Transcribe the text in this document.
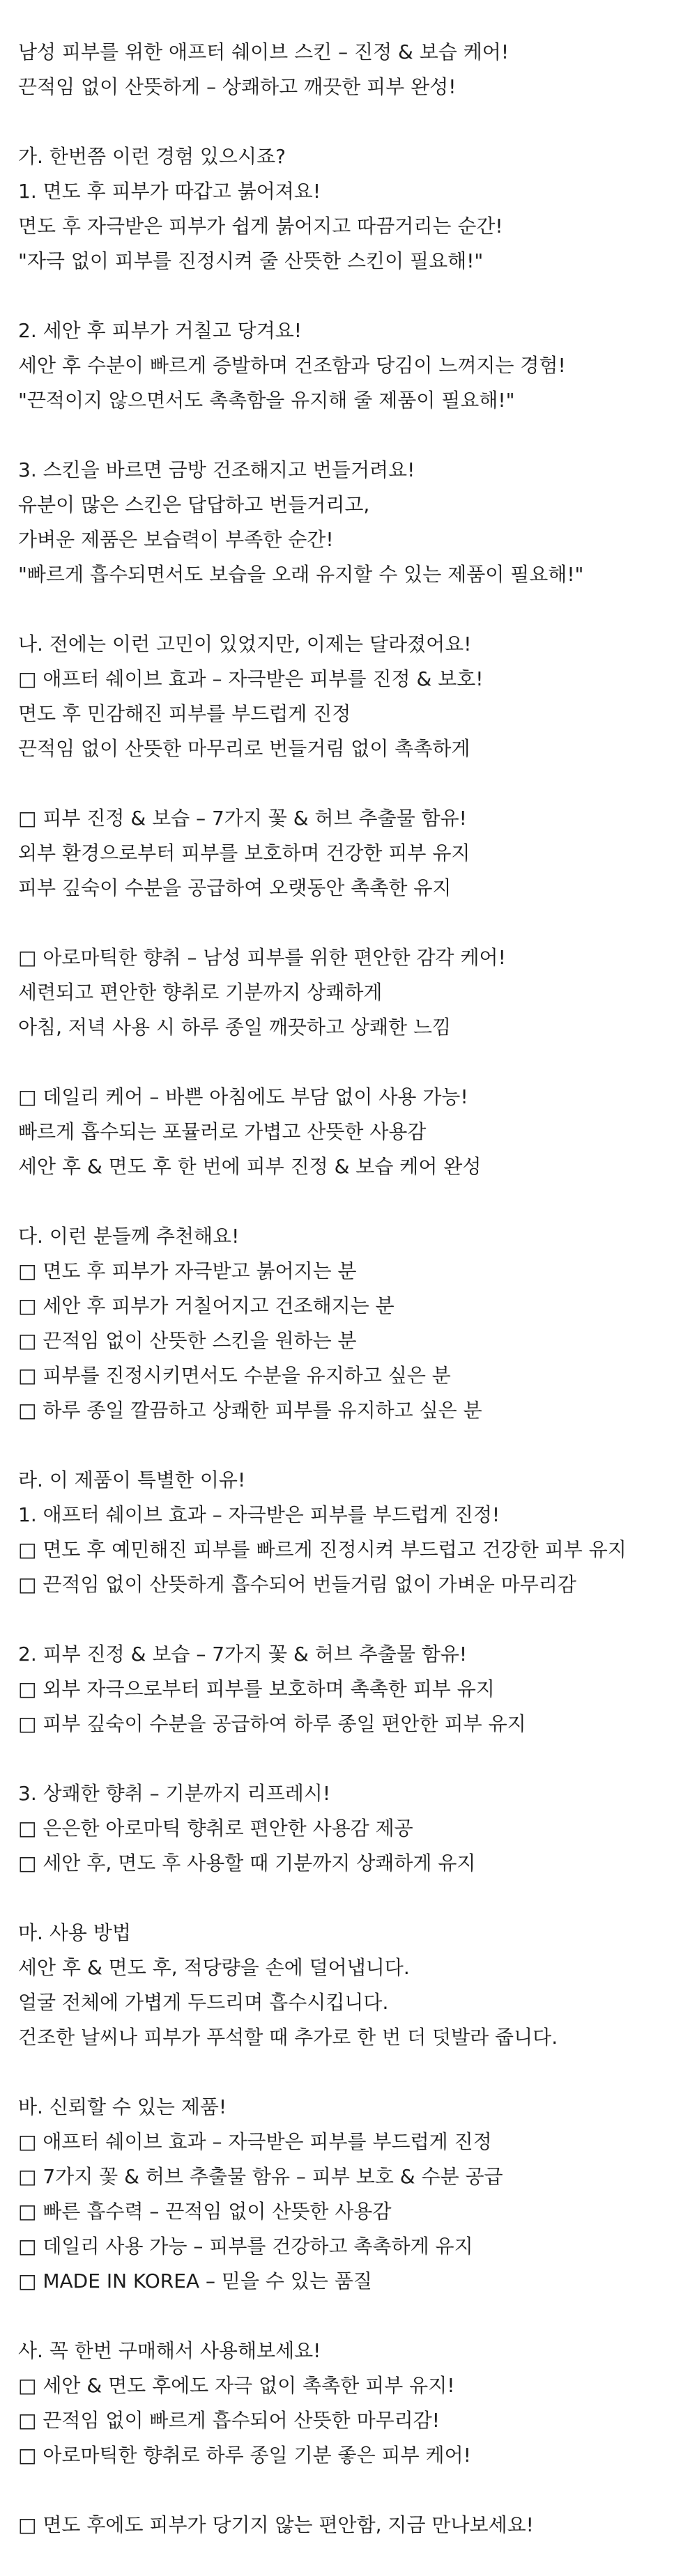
남성 피부를 위한 애프터 쉐이브 스킨 – 진정 & 보습 케어!
끈적임 없이 산뜻하게 – 상쾌하고 깨끗한 피부 완성!
가. 한번쯤 이런 경험 있으시죠?
1. 면도 후 피부가 따갑고 붉어져요!
면도 후 자극받은 피부가 쉽게 붉어지고 따끔거리는 순간!
"자극 없이 피부를 진정시켜 줄 산뜻한 스킨이 필요해!"
2. 세안 후 피부가 거칠고 당겨요!
세안 후 수분이 빠르게 증발하며 건조함과 당김이 느껴지는 경험!
"끈적이지 않으면서도 촉촉함을 유지해 줄 제품이 필요해!"
3. 스킨을 바르면 금방 건조해지고 번들거려요!
유분이 많은 스킨은 답답하고 번들거리고,
가벼운 제품은 보습력이 부족한 순간!
"빠르게 흡수되면서도 보습을 오래 유지할 수 있는 제품이 필요해!"
나. 전에는 이런 고민이 있었지만, 이제는 달라졌어요!
□ 애프터 쉐이브 효과 – 자극받은 피부를 진정 & 보호!
면도 후 민감해진 피부를 부드럽게 진정
끈적임 없이 산뜻한 마무리로 번들거림 없이 촉촉하게
□ 피부 진정 & 보습 – 7가지 꽃 & 허브 추출물 함유!
외부 환경으로부터 피부를 보호하며 건강한 피부 유지
피부 깊숙이 수분을 공급하여 오랫동안 촉촉한 유지
□ 아로마틱한 향취 – 남성 피부를 위한 편안한 감각 케어!
세련되고 편안한 향취로 기분까지 상쾌하게
아침, 저녁 사용 시 하루 종일 깨끗하고 상쾌한 느낌
□ 데일리 케어 – 바쁜 아침에도 부담 없이 사용 가능!
빠르게 흡수되는 포뮬러로 가볍고 산뜻한 사용감
세안 후 & 면도 후 한 번에 피부 진정 & 보습 케어 완성
다. 이런 분들께 추천해요!
□ 면도 후 피부가 자극받고 붉어지는 분
□ 세안 후 피부가 거칠어지고 건조해지는 분
□ 끈적임 없이 산뜻한 스킨을 원하는 분
□ 피부를 진정시키면서도 수분을 유지하고 싶은 분
□ 하루 종일 깔끔하고 상쾌한 피부를 유지하고 싶은 분
라. 이 제품이 특별한 이유!
1. 애프터 쉐이브 효과 – 자극받은 피부를 부드럽게 진정!
□ 면도 후 예민해진 피부를 빠르게 진정시켜 부드럽고 건강한 피부 유지
□ 끈적임 없이 산뜻하게 흡수되어 번들거림 없이 가벼운 마무리감
2. 피부 진정 & 보습 – 7가지 꽃 & 허브 추출물 함유!
□ 외부 자극으로부터 피부를 보호하며 촉촉한 피부 유지
□ 피부 깊숙이 수분을 공급하여 하루 종일 편안한 피부 유지
3. 상쾌한 향취 – 기분까지 리프레시!
□ 은은한 아로마틱 향취로 편안한 사용감 제공
□ 세안 후, 면도 후 사용할 때 기분까지 상쾌하게 유지
마. 사용 방법
세안 후 & 면도 후, 적당량을 손에 덜어냅니다.
얼굴 전체에 가볍게 두드리며 흡수시킵니다.
건조한 날씨나 피부가 푸석할 때 추가로 한 번 더 덧발라 줍니다.
바. 신뢰할 수 있는 제품!
□ 애프터 쉐이브 효과 – 자극받은 피부를 부드럽게 진정
□ 7가지 꽃 & 허브 추출물 함유 – 피부 보호 & 수분 공급
□ 빠른 흡수력 – 끈적임 없이 산뜻한 사용감
□ 데일리 사용 가능 – 피부를 건강하고 촉촉하게 유지
□ MADE IN KOREA – 믿을 수 있는 품질
사. 꼭 한번 구매해서 사용해보세요!
□ 세안 & 면도 후에도 자극 없이 촉촉한 피부 유지!
□ 끈적임 없이 빠르게 흡수되어 산뜻한 마무리감!
□ 아로마틱한 향취로 하루 종일 기분 좋은 피부 케어!
□ 면도 후에도 피부가 당기지 않는 편안함, 지금 만나보세요!
